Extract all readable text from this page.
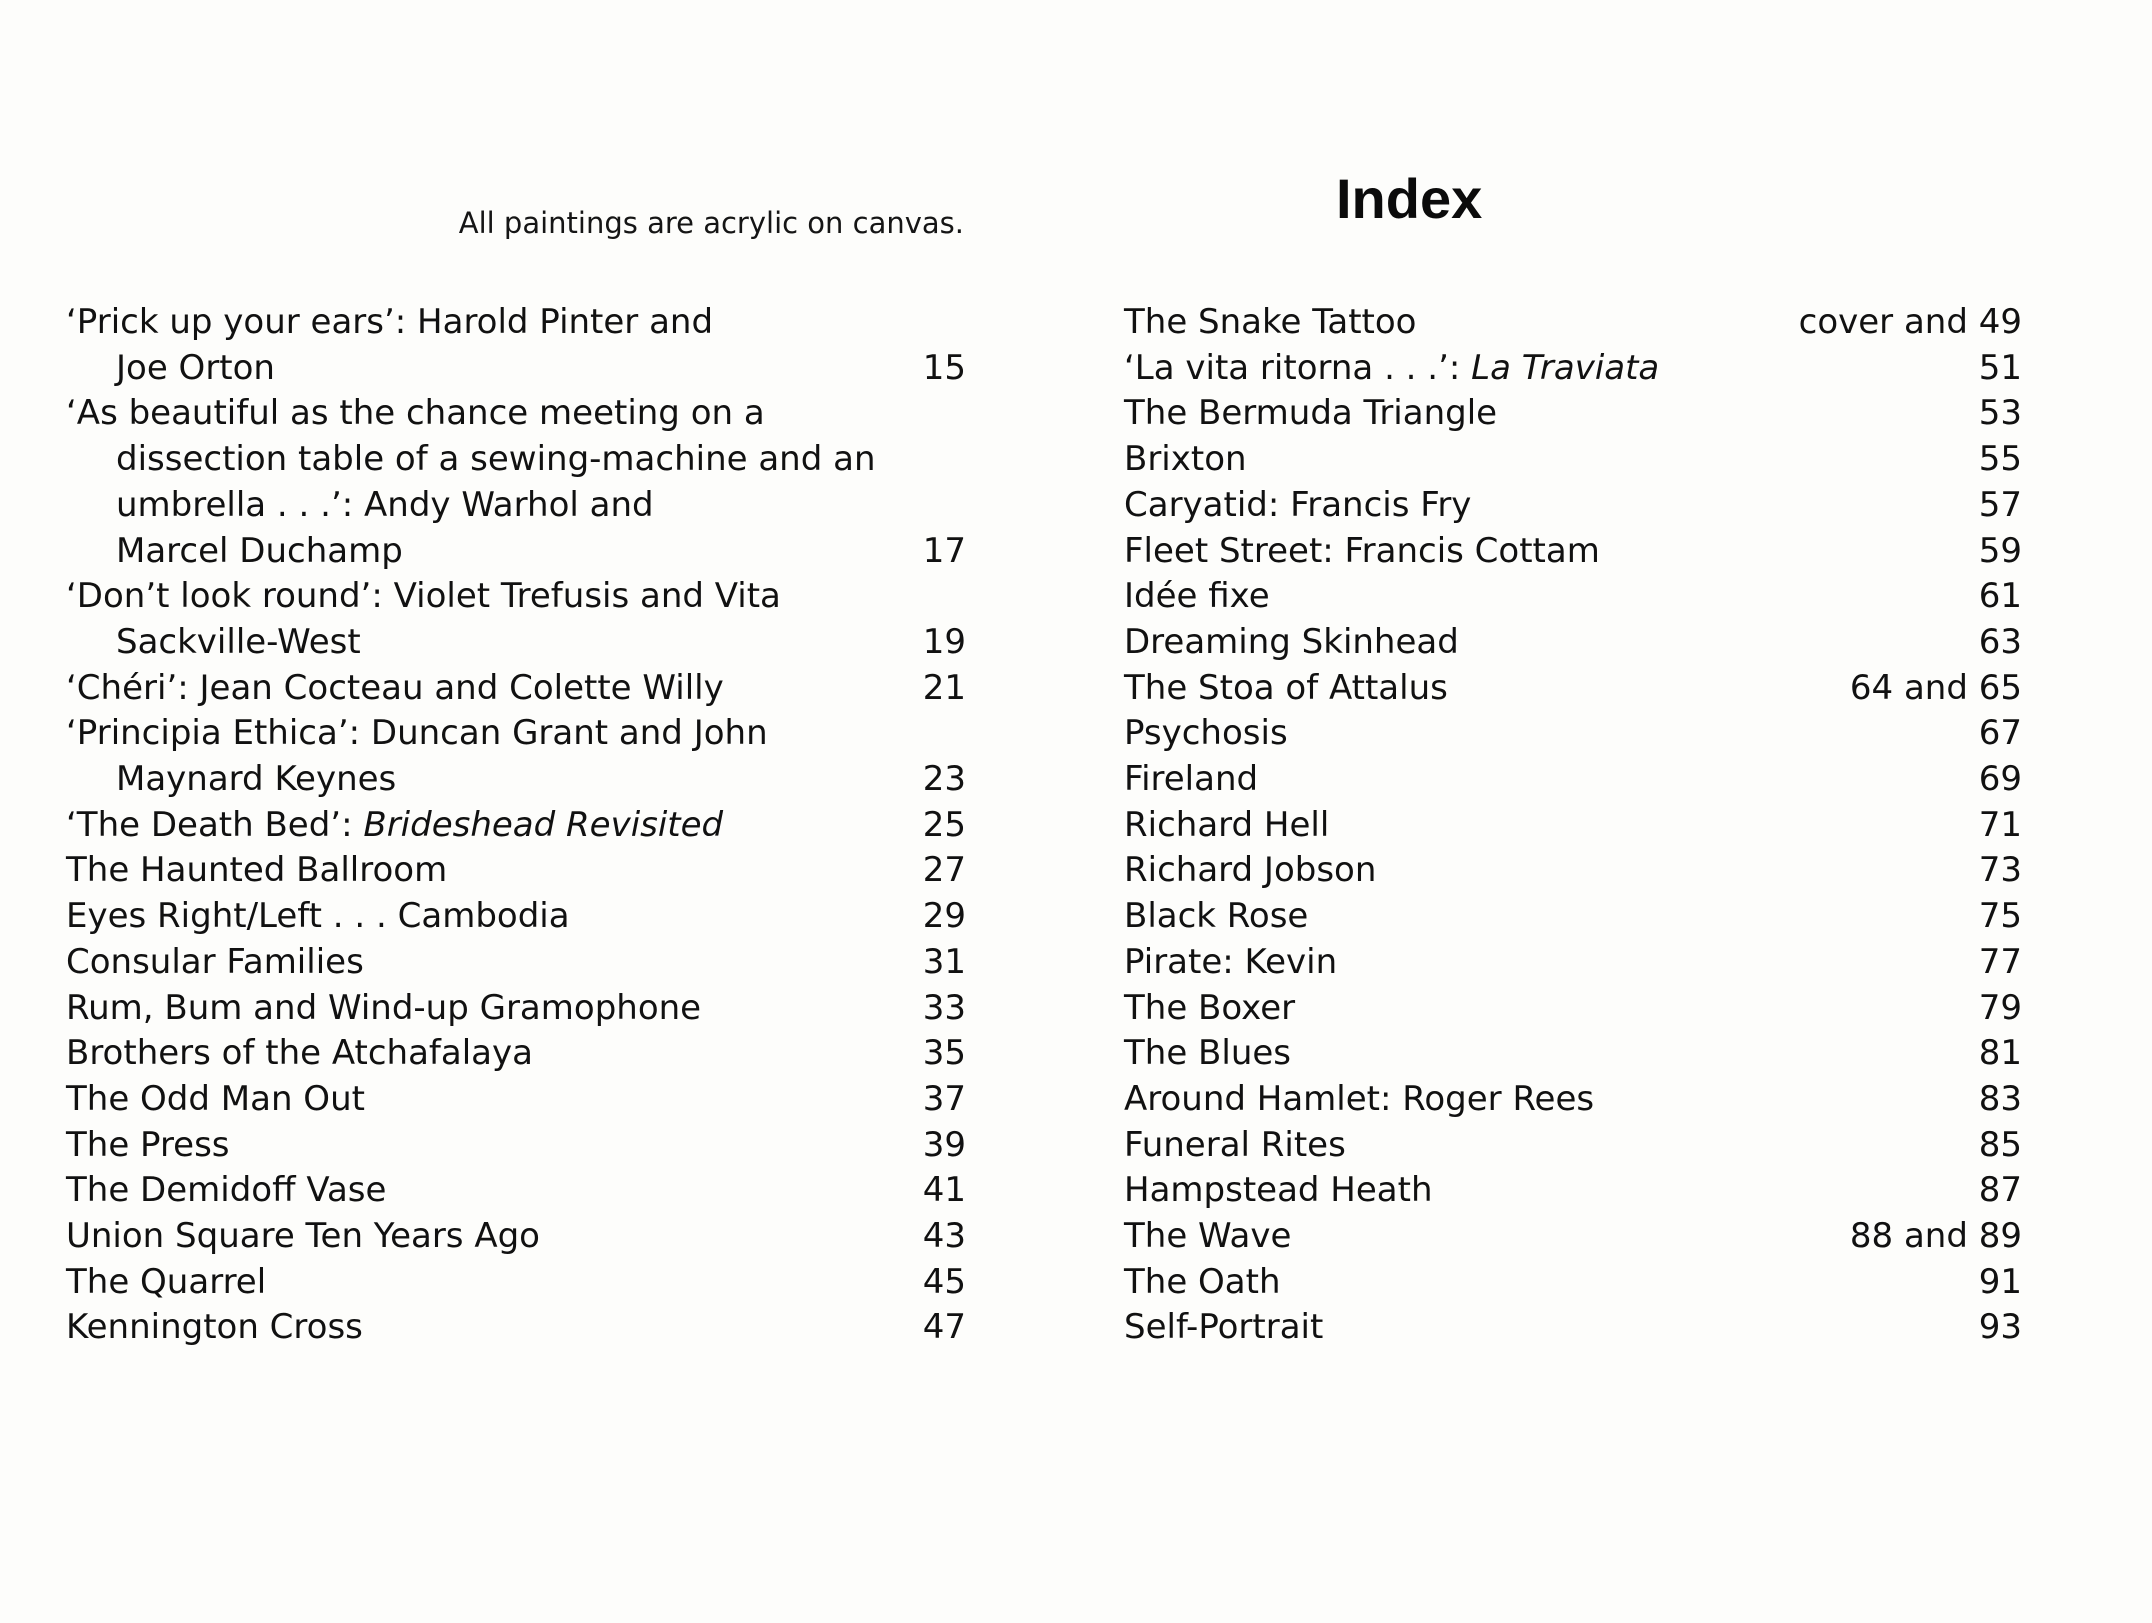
Index
All paintings are acrylic on canvas.
‘Prick up your ears’: Harold Pinter and
Joe Orton	15
‘As beautiful as the chance meeting on a
dissection table of a sewing-machine and an
umbrella . . .’: Andy Warhol and
Marcel Duchamp	17
‘Don’t look round’: Violet Trefusis and Vita
Sackville-West	19
‘Chéri’: Jean Cocteau and Colette Willy	21
‘Principia Ethica’: Duncan Grant and John
Maynard Keynes	23
‘The Death Bed’: Brideshead Revisited	25
The Haunted Ballroom	27
Eyes Right/Left . . . Cambodia	29
Consular Families	31
Rum, Bum and Wind-up Gramophone	33
Brothers of the Atchafalaya	35
The Odd Man Out	37
The Press	39
The Demidoff Vase	41
Union Square Ten Years Ago	43
The Quarrel	45
Kennington Cross	47
The Snake Tattoo	cover and 49
‘La vita ritorna . . .’: La Traviata	51
The Bermuda Triangle	53
Brixton	55
Caryatid: Francis Fry	57
Fleet Street: Francis Cottam	59
Idée fixe	61
Dreaming Skinhead	63
The Stoa of Attalus	64 and 65
Psychosis	67
Fireland	69
Richard Hell	71
Richard Jobson	73
Black Rose	75
Pirate: Kevin	77
The Boxer	79
The Blues	81
Around Hamlet: Roger Rees	83
Funeral Rites	85
Hampstead Heath	87
The Wave	88 and 89
The Oath	91
Self-Portrait	93
